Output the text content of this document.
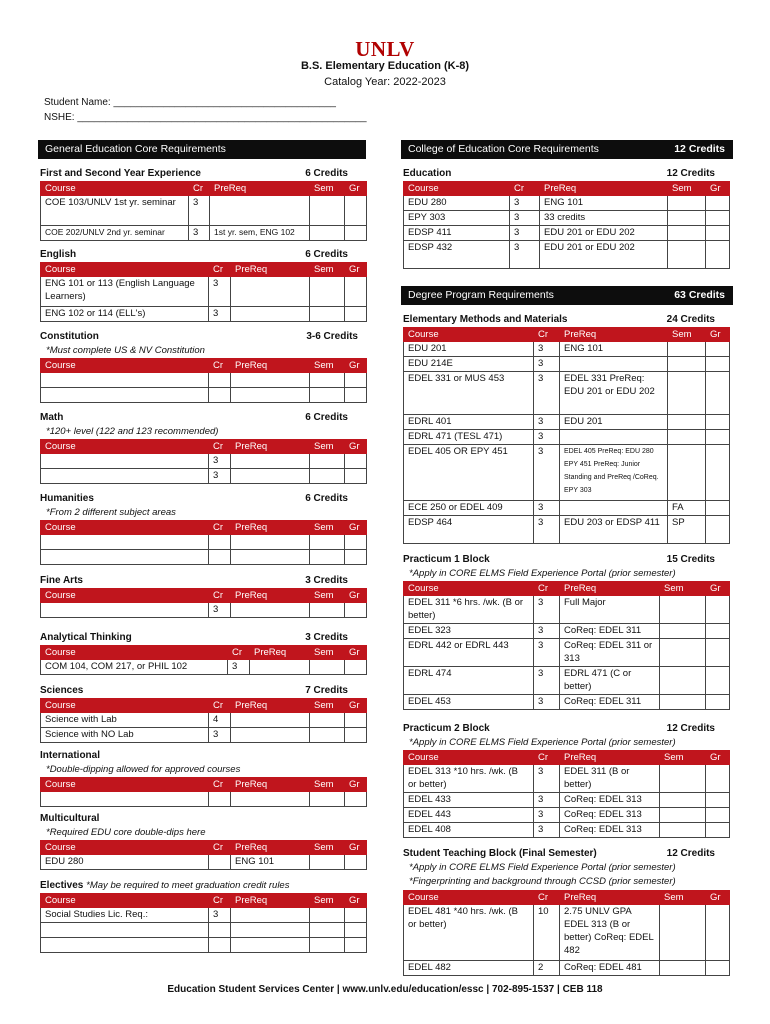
UNLV
B.S. Elementary Education (K-8)
Catalog Year: 2022-2023
Student Name: ________________________________________
NSHE: ____________________________________________________
General Education Core Requirements	College of Education Core Requirements	12 Credits
Degree Program Requirements	63 Credits
First and Second Year Experience	6 Credits
Course	Cr	PreReq	Sem	Gr
COE 103/UNLV 1st yr. seminar	3			
COE 202/UNLV 2nd yr. seminar	3	1st yr. sem, ENG 102		
English	6 Credits
Course	Cr	PreReq	Sem	Gr
ENG 101 or 113 (English Language Learners)	3			
ENG 102 or 114 (ELL's)	3			
Constitution	3-6 Credits
*Must complete US & NV Constitution
Course	Cr	PreReq	Sem	Gr

Math	6 Credits
*120+ level (122 and 123 recommended)
Course	Cr	PreReq	Sem	Gr
	3			
	3			
Humanities	6 Credits
*From 2 different subject areas
Course	Cr	PreReq	Sem	Gr

Fine Arts	3 Credits
Course	Cr	PreReq	Sem	Gr
	3			
Analytical Thinking	3 Credits
Course	Cr	PreReq	Sem	Gr
COM 104, COM 217, or PHIL 102	3			
Sciences	7 Credits
Course	Cr	PreReq	Sem	Gr
Science with Lab	4			
Science with NO Lab	3			
International
*Double-dipping allowed for approved courses
Course	Cr	PreReq	Sem	Gr

Multicultural
*Required EDU core double-dips here
Course	Cr	PreReq	Sem	Gr
EDU 280		ENG 101		
Electives *May be required to meet graduation credit rules
Course	Cr	PreReq	Sem	Gr
Social Studies Lic. Req.:	3			

Education	12 Credits
Course	Cr	PreReq	Sem	Gr
EDU 280	3	ENG 101		
EPY 303	3	33 credits		
EDSP 411	3	EDU 201 or EDU 202		
EDSP 432	3	EDU 201 or EDU 202		
Elementary Methods and Materials	24 Credits
Course	Cr	PreReq	Sem	Gr
EDU 201	3	ENG 101		
EDU 214E	3			
EDEL 331 or MUS 453	3	EDEL 331 PreReq: EDU 201 or EDU 202		
EDRL 401	3	EDU 201		
EDRL 471 (TESL 471)	3			
EDEL 405 OR EPY 451	3	EDEL 405 PreReq: EDU 280 EPY 451 PreReq: Junior Standing and PreReq /CoReq. EPY 303		
ECE 250 or EDEL 409	3		FA	
EDSP 464	3	EDU 203 or EDSP 411	SP	
Practicum 1 Block	15 Credits
*Apply in CORE ELMS Field Experience Portal (prior semester)
Course	Cr	PreReq	Sem	Gr
EDEL 311 *6 hrs. /wk. (B or better)	3	Full Major		
EDEL 323	3	CoReq: EDEL 311		
EDRL 442 or EDRL 443	3	CoReq: EDEL 311 or 313		
EDRL 474	3	EDRL 471 (C or better)		
EDEL 453	3	CoReq: EDEL 311		
Practicum 2 Block	12 Credits
*Apply in CORE ELMS Field Experience Portal (prior semester)
Course	Cr	PreReq	Sem	Gr
EDEL 313 *10 hrs. /wk. (B or better)	3	EDEL 311 (B or better)		
EDEL 433	3	CoReq: EDEL 313		
EDEL 443	3	CoReq: EDEL 313		
EDEL 408	3	CoReq: EDEL 313		
Student Teaching Block (Final Semester)	12 Credits
*Apply in CORE ELMS Field Experience Portal (prior semester)
*Fingerprinting and background through CCSD (prior semester)
Course	Cr	PreReq	Sem	Gr
EDEL 481 *40 hrs. /wk. (B or better)	10	2.75 UNLV GPA EDEL 313 (B or better) CoReq: EDEL 482		
EDEL 482	2	CoReq: EDEL 481		
Education Student Services Center | www.unlv.edu/education/essc | 702-895-1537 | CEB 118
